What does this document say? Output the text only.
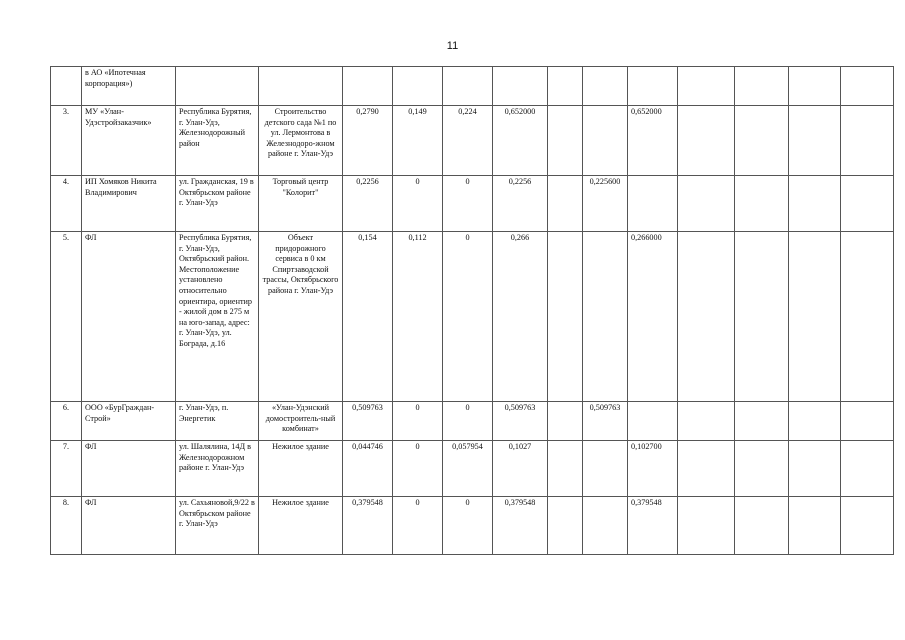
11
	в АО «Ипотечная корпорация»)													
3.	МУ «Улан-Удэстройзаказчик»	Республика Бурятия, г. Улан-Удэ, Железнодорожный район	Строительство детского сада №1 по ул. Лермонтова в Железнодоро-жном районе г. Улан-Удэ	0,2790	0,149	0,224	0,652000			0,652000				
4.	ИП Хомяков Никита Владимирович	ул. Гражданская, 19 в Октябрьском районе г. Улан-Удэ	Торговый центр "Колорит"	0,2256	0	0	0,2256		0,225600					
5.	ФЛ	Республика Бурятия, г. Улан-Удэ, Октябрьский район. Местоположение установлено относительно ориентира, ориентир - жилой дом в 275 м на юго-запад, адрес: г. Улан-Удэ, ул. Бограда, д.16	Объект придорожного сервиса в 0 км Спиртзаводской трассы, Октябрьского района г. Улан-Удэ	0,154	0,112	0	0,266			0,266000				
6.	ООО «БурГраждан-Строй»	г. Улан-Удэ, п. Энергетик	«Улан-Удэнский домостроитель-ный комбинат»	0,509763	0	0	0,509763		0,509763					
7.	ФЛ	ул. Шалялина, 14Д в Железнодорожном районе г. Улан-Удэ	Нежилое здание	0,044746	0	0,057954	0,1027			0,102700				
8.	ФЛ	ул. Сахьяновой,9/22 в Октябрьском районе г. Улан-Удэ	Нежилое здание	0,379548	0	0	0,379548			0,379548				
